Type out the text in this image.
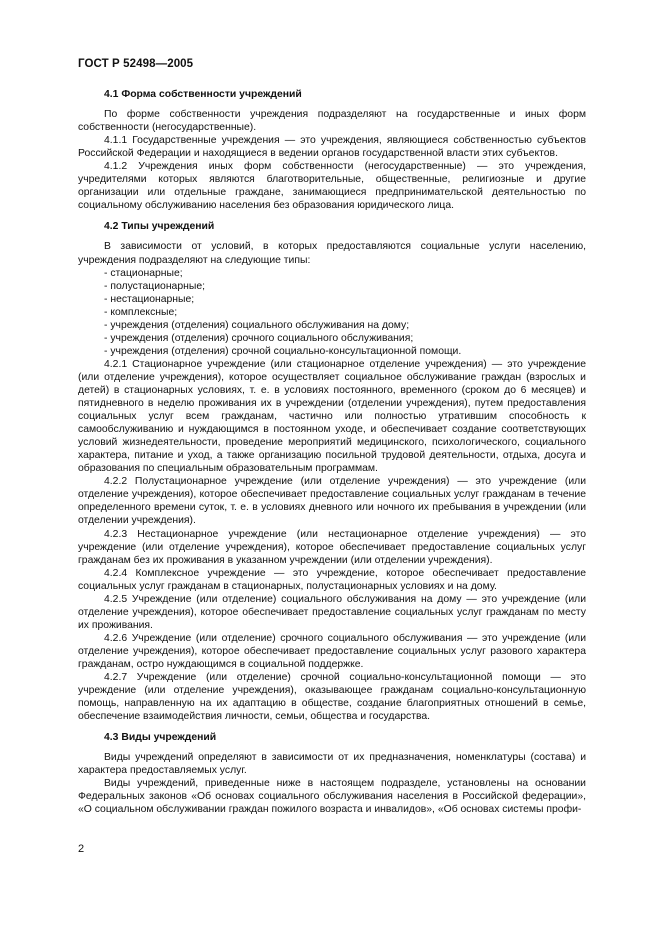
ГОСТ Р 52498—2005
4.1 Форма собственности учреждений

По форме собственности учреждения подразделяют на государственные и иных форм собственности (негосударственные).

4.1.1 Государственные учреждения — это учреждения, являющиеся собственностью субъектов Российской Федерации и находящиеся в ведении органов государственной власти этих субъектов.

4.1.2 Учреждения иных форм собственности (негосударственные) — это учреждения, учредителями которых являются благотворительные, общественные, религиозные и другие организации или отдельные граждане, занимающиеся предпринимательской деятельностью по социальному обслуживанию населения без образования юридического лица.

4.2 Типы учреждений

В зависимости от условий, в которых предоставляются социальные услуги населению, учреждения подразделяют на следующие типы:

- стационарные;

- полустационарные;

- нестационарные;

- комплексные;

- учреждения (отделения) социального обслуживания на дому;

- учреждения (отделения) срочного социального обслуживания;

- учреждения (отделения) срочной социально-консультационной помощи.

4.2.1 Стационарное учреждение (или стационарное отделение учреждения) — это учреждение (или отделение учреждения), которое осуществляет социальное обслуживание граждан (взрослых и детей) в стационарных условиях, т. е. в условиях постоянного, временного (сроком до 6 месяцев) и пятидневного в неделю проживания их в учреждении (отделении учреждения), путем предоставления социальных услуг всем гражданам, частично или полностью утратившим способность к самообслуживанию и нуждающимся в постоянном уходе, и обеспечивает создание соответствующих условий жизнедеятельности, проведение мероприятий медицинского, психологического, социального характера, питание и уход, а также организацию посильной трудовой деятельности, отдыха, досуга и образования по специальным образовательным программам.

4.2.2 Полустационарное учреждение (или отделение учреждения) — это учреждение (или отделение учреждения), которое обеспечивает предоставление социальных услуг гражданам в течение определенного времени суток, т. е. в условиях дневного или ночного их пребывания в учреждении (или отделении учреждения).

4.2.3 Нестационарное учреждение (или нестационарное отделение учреждения) — это учреждение (или отделение учреждения), которое обеспечивает предоставление социальных услуг гражданам без их проживания в указанном учреждении (или отделении учреждения).

4.2.4 Комплексное учреждение — это учреждение, которое обеспечивает предоставление социальных услуг гражданам в стационарных, полустационарных условиях и на дому.

4.2.5 Учреждение (или отделение) социального обслуживания на дому — это учреждение (или отделение учреждения), которое обеспечивает предоставление социальных услуг гражданам по месту их проживания.

4.2.6 Учреждение (или отделение) срочного социального обслуживания — это учреждение (или отделение учреждения), которое обеспечивает предоставление социальных услуг разового характера гражданам, остро нуждающимся в социальной поддержке.

4.2.7 Учреждение (или отделение) срочной социально-консультационной помощи — это учреждение (или отделение учреждения), оказывающее гражданам социально-консультационную помощь, направленную на их адаптацию в обществе, создание благоприятных отношений в семье, обеспечение взаимодействия личности, семьи, общества и государства.

4.3 Виды учреждений

Виды учреждений определяют в зависимости от их предназначения, номенклатуры (состава) и характера предоставляемых услуг.

Виды учреждений, приведенные ниже в настоящем подразделе, установлены на основании Федеральных законов «Об основах социального обслуживания населения в Российской федерации», «О социальном обслуживании граждан пожилого возраста и инвалидов», «Об основах системы профи-

2
